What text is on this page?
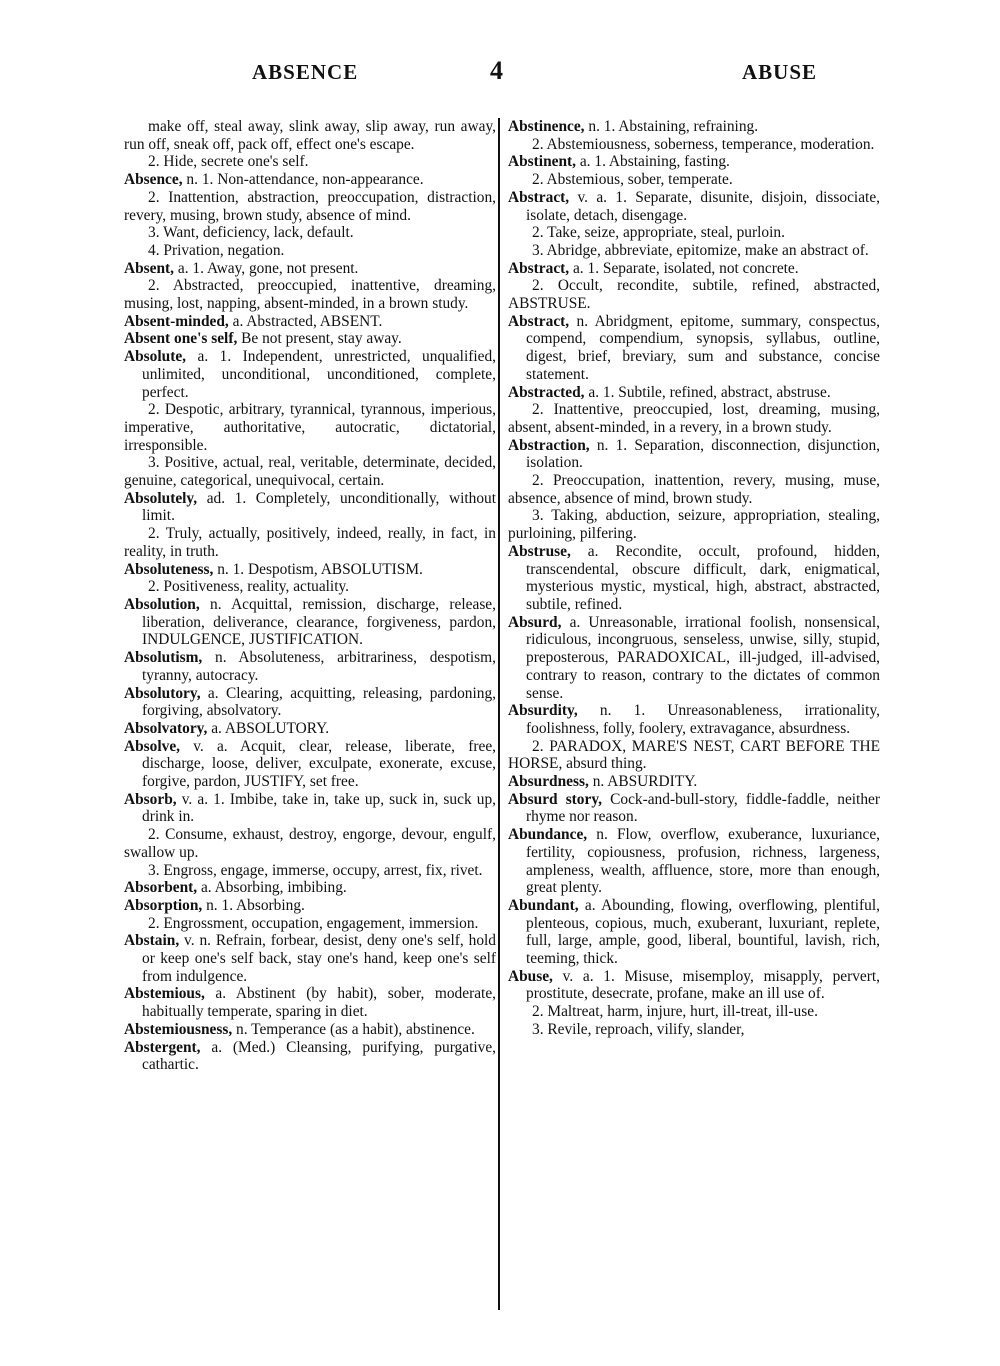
ABSENCE	4	ABUSE

make off, steal away, slink away, slip away, run away, run off, sneak off, pack off, effect one's escape.

2. Hide, secrete one's self.

Absence, n. 1. Non-attendance, non-appearance.

2. Inattention, abstraction, preoccupation, distraction, revery, musing, brown study, absence of mind.

3. Want, deficiency, lack, default.

4. Privation, negation.

Absent, a. 1. Away, gone, not present.

2. Abstracted, preoccupied, inattentive, dreaming, musing, lost, napping, absent-minded, in a brown study.

Absent-minded, a. Abstracted, ABSENT.

Absent one's self, Be not present, stay away.

Absolute, a. 1. Independent, unrestricted, unqualified, unlimited, unconditional, unconditioned, complete, perfect.

2. Despotic, arbitrary, tyrannical, tyrannous, imperious, imperative, authoritative, autocratic, dictatorial, irresponsible.

3. Positive, actual, real, veritable, determinate, decided, genuine, categorical, unequivocal, certain.

Absolutely, ad. 1. Completely, unconditionally, without limit.

2. Truly, actually, positively, indeed, really, in fact, in reality, in truth.

Absoluteness, n. 1. Despotism, ABSOLUTISM.

2. Positiveness, reality, actuality.

Absolution, n. Acquittal, remission, discharge, release, liberation, deliverance, clearance, forgiveness, pardon, INDULGENCE, JUSTIFICATION.

Absolutism, n. Absoluteness, arbitrariness, despotism, tyranny, autocracy.

Absolutory, a. Clearing, acquitting, releasing, pardoning, forgiving, absolvatory.

Absolvatory, a. ABSOLUTORY.

Absolve, v. a. Acquit, clear, release, liberate, free, discharge, loose, deliver, exculpate, exonerate, excuse, forgive, pardon, JUSTIFY, set free.

Absorb, v. a. 1. Imbibe, take in, take up, suck in, suck up, drink in.

2. Consume, exhaust, destroy, engorge, devour, engulf, swallow up.

3. Engross, engage, immerse, occupy, arrest, fix, rivet.

Absorbent, a. Absorbing, imbibing.

Absorption, n. 1. Absorbing.

2. Engrossment, occupation, engagement, immersion.

Abstain, v. n. Refrain, forbear, desist, deny one's self, hold or keep one's self back, stay one's hand, keep one's self from indulgence.

Abstemious, a. Abstinent (by habit), sober, moderate, habitually temperate, sparing in diet.

Abstemiousness, n. Temperance (as a habit), abstinence.

Abstergent, a. (Med.) Cleansing, purifying, purgative, cathartic.

Abstinence, n. 1. Abstaining, refraining.

2. Abstemiousness, soberness, temperance, moderation.

Abstinent, a. 1. Abstaining, fasting.

2. Abstemious, sober, temperate.

Abstract, v. a. 1. Separate, disunite, disjoin, dissociate, isolate, detach, disengage.

2. Take, seize, appropriate, steal, purloin.

3. Abridge, abbreviate, epitomize, make an abstract of.

Abstract, a. 1. Separate, isolated, not concrete.

2. Occult, recondite, subtile, refined, abstracted, ABSTRUSE.

Abstract, n. Abridgment, epitome, summary, conspectus, compend, compendium, synopsis, syllabus, outline, digest, brief, breviary, sum and substance, concise statement.

Abstracted, a. 1. Subtile, refined, abstract, abstruse.

2. Inattentive, preoccupied, lost, dreaming, musing, absent, absent-minded, in a revery, in a brown study.

Abstraction, n. 1. Separation, disconnection, disjunction, isolation.

2. Preoccupation, inattention, revery, musing, muse, absence, absence of mind, brown study.

3. Taking, abduction, seizure, appropriation, stealing, purloining, pilfering.

Abstruse, a. Recondite, occult, profound, hidden, transcendental, obscure difficult, dark, enigmatical, mysterious mystic, mystical, high, abstract, abstracted, subtile, refined.

Absurd, a. Unreasonable, irrational foolish, nonsensical, ridiculous, incongruous, senseless, unwise, silly, stupid, preposterous, PARADOXICAL, ill-judged, ill-advised, contrary to reason, contrary to the dictates of common sense.

Absurdity, n. 1. Unreasonableness, irrationality, foolishness, folly, foolery, extravagance, absurdness.

2. PARADOX, MARE'S NEST, CART BEFORE THE HORSE, absurd thing.

Absurdness, n. ABSURDITY.

Absurd story, Cock-and-bull-story, fiddle-faddle, neither rhyme nor reason.

Abundance, n. Flow, overflow, exuberance, luxuriance, fertility, copiousness, profusion, richness, largeness, ampleness, wealth, affluence, store, more than enough, great plenty.

Abundant, a. Abounding, flowing, overflowing, plentiful, plenteous, copious, much, exuberant, luxuriant, replete, full, large, ample, good, liberal, bountiful, lavish, rich, teeming, thick.

Abuse, v. a. 1. Misuse, misemploy, misapply, pervert, prostitute, desecrate, profane, make an ill use of.

2. Maltreat, harm, injure, hurt, ill-treat, ill-use.

3. Revile, reproach, vilify, slander,
